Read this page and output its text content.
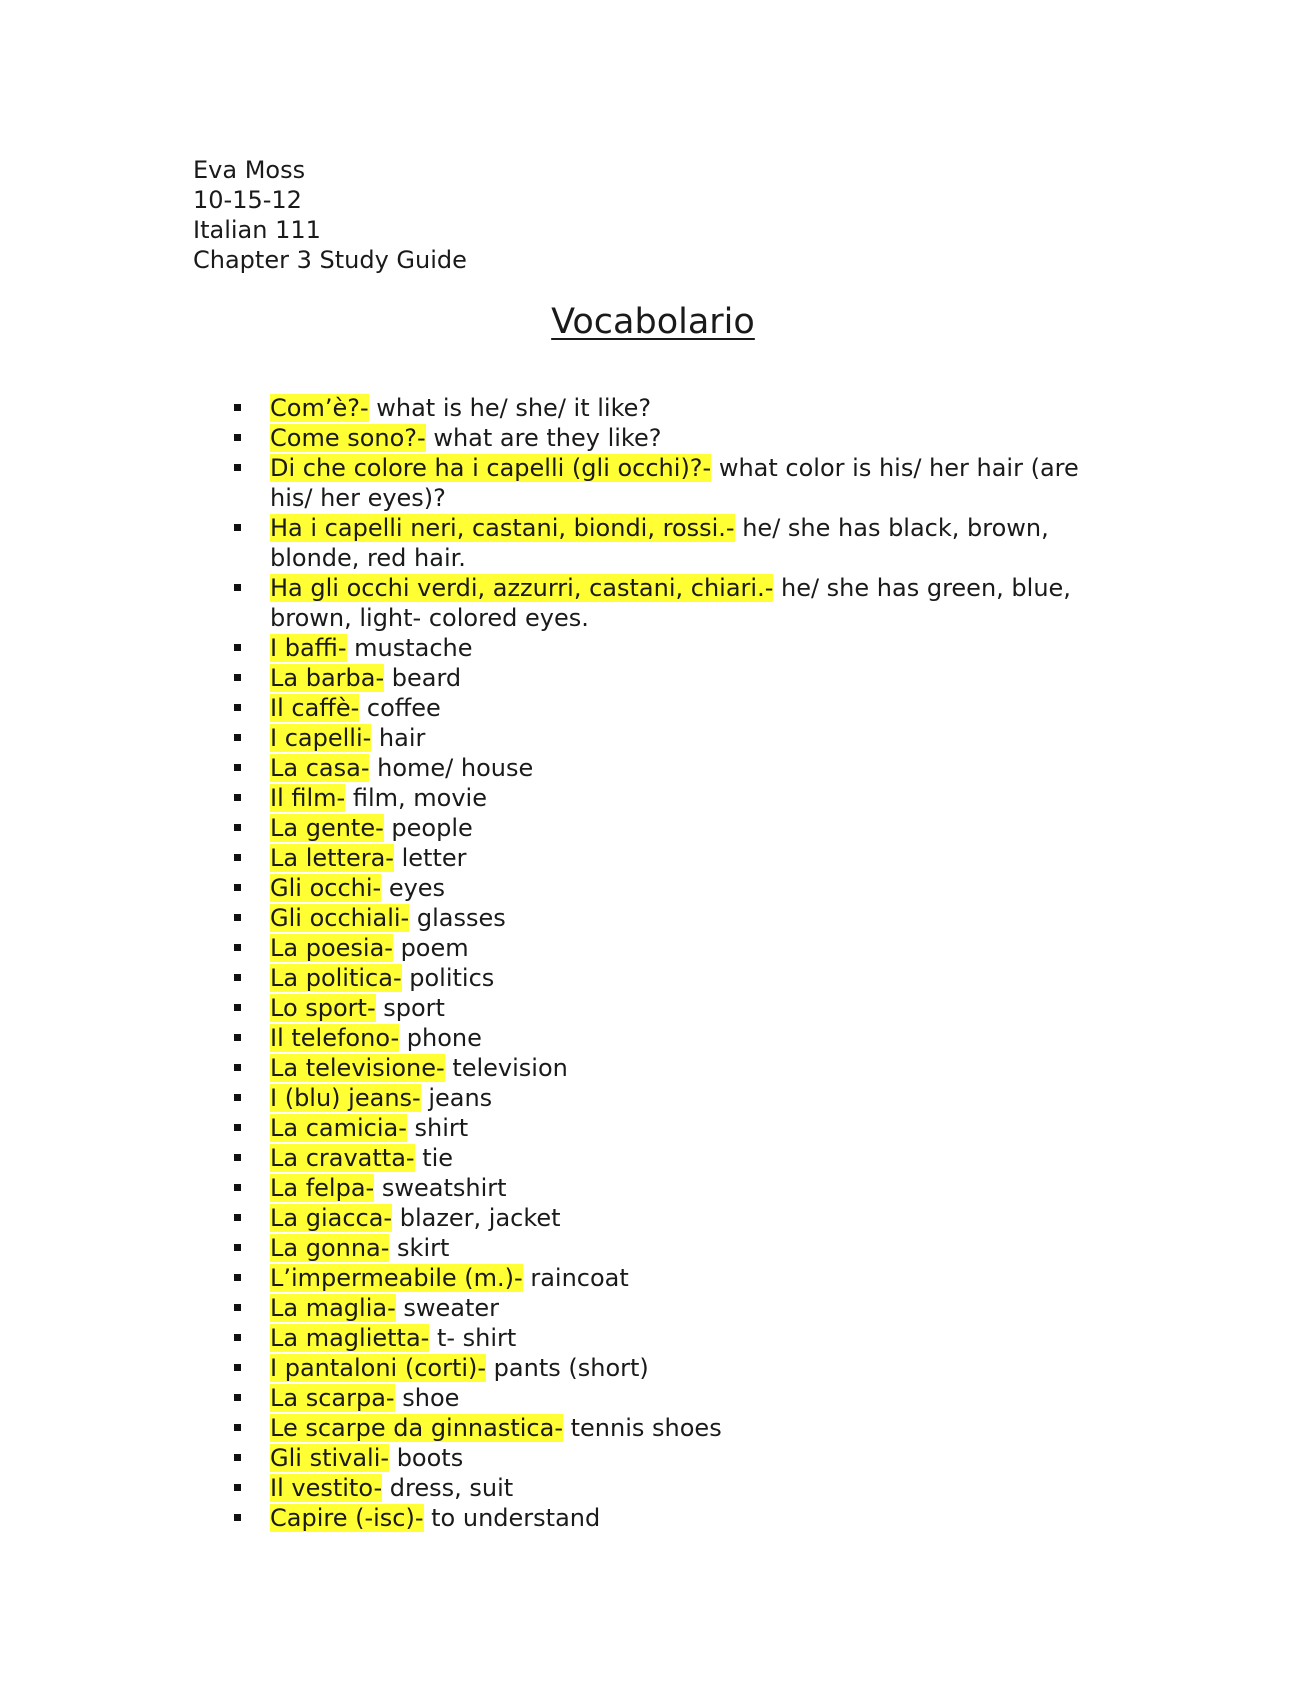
Eva Moss
10-15-12
Italian 111
Chapter 3 Study Guide
Vocabolario
Com’è?- what is he/ she/ it like?
Come sono?- what are they like?
Di che colore ha i capelli (gli occhi)?- what color is his/ her hair (are his/ her eyes)?
Ha i capelli neri, castani, biondi, rossi.- he/ she has black, brown, blonde, red hair.
Ha gli occhi verdi, azzurri, castani, chiari.- he/ she has green, blue, brown, light- colored eyes.
I baffi- mustache
La barba- beard
Il caffè- coffee
I capelli- hair
La casa- home/ house
Il film- film, movie
La gente- people
La lettera- letter
Gli occhi- eyes
Gli occhiali- glasses
La poesia- poem
La politica- politics
Lo sport- sport
Il telefono- phone
La televisione- television
I (blu) jeans- jeans
La camicia- shirt
La cravatta- tie
La felpa- sweatshirt
La giacca- blazer, jacket
La gonna- skirt
L’impermeabile (m.)- raincoat
La maglia- sweater
La maglietta- t- shirt
I pantaloni (corti)- pants (short)
La scarpa- shoe
Le scarpe da ginnastica- tennis shoes
Gli stivali- boots
Il vestito- dress, suit
Capire (-isc)- to understand
